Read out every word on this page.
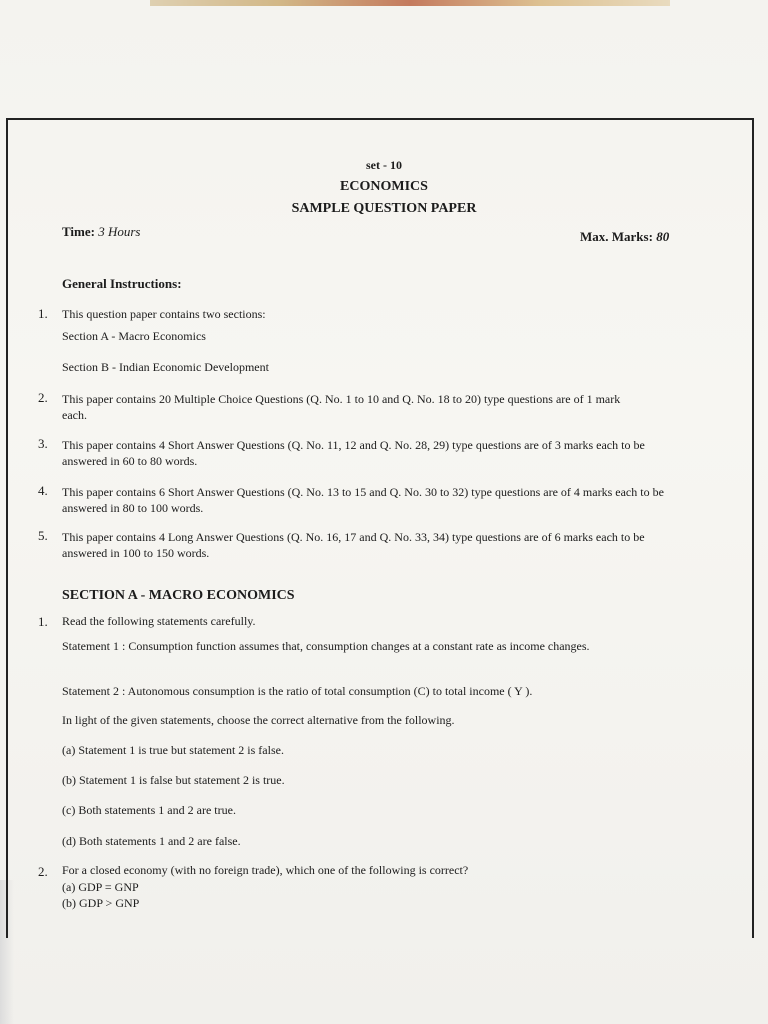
set - 10
ECONOMICS
SAMPLE QUESTION PAPER
Time: 3 Hours	Max. Marks: 80
General Instructions:
1. This question paper contains two sections:
Section A - Macro Economics
Section B - Indian Economic Development
2. This paper contains 20 Multiple Choice Questions (Q. No. 1 to 10 and Q. No. 18 to 20) type questions are of 1 mark each.
3. This paper contains 4 Short Answer Questions (Q. No. 11, 12 and Q. No. 28, 29) type questions are of 3 marks each to be answered in 60 to 80 words.
4. This paper contains 6 Short Answer Questions (Q. No. 13 to 15 and Q. No. 30 to 32) type questions are of 4 marks each to be answered in 80 to 100 words.
5. This paper contains 4 Long Answer Questions (Q. No. 16, 17 and Q. No. 33, 34) type questions are of 6 marks each to be answered in 100 to 150 words.
SECTION A - MACRO ECONOMICS
1. Read the following statements carefully.
Statement 1 : Consumption function assumes that, consumption changes at a constant rate as income changes.
Statement 2 : Autonomous consumption is the ratio of total consumption (C) to total income ( Y ).
In light of the given statements, choose the correct alternative from the following.
(a) Statement 1 is true but statement 2 is false.
(b) Statement 1 is false but statement 2 is true.
(c) Both statements 1 and 2 are true.
(d) Both statements 1 and 2 are false.
2. For a closed economy (with no foreign trade), which one of the following is correct?
(a) GDP = GNP
(b) GDP > GNP
